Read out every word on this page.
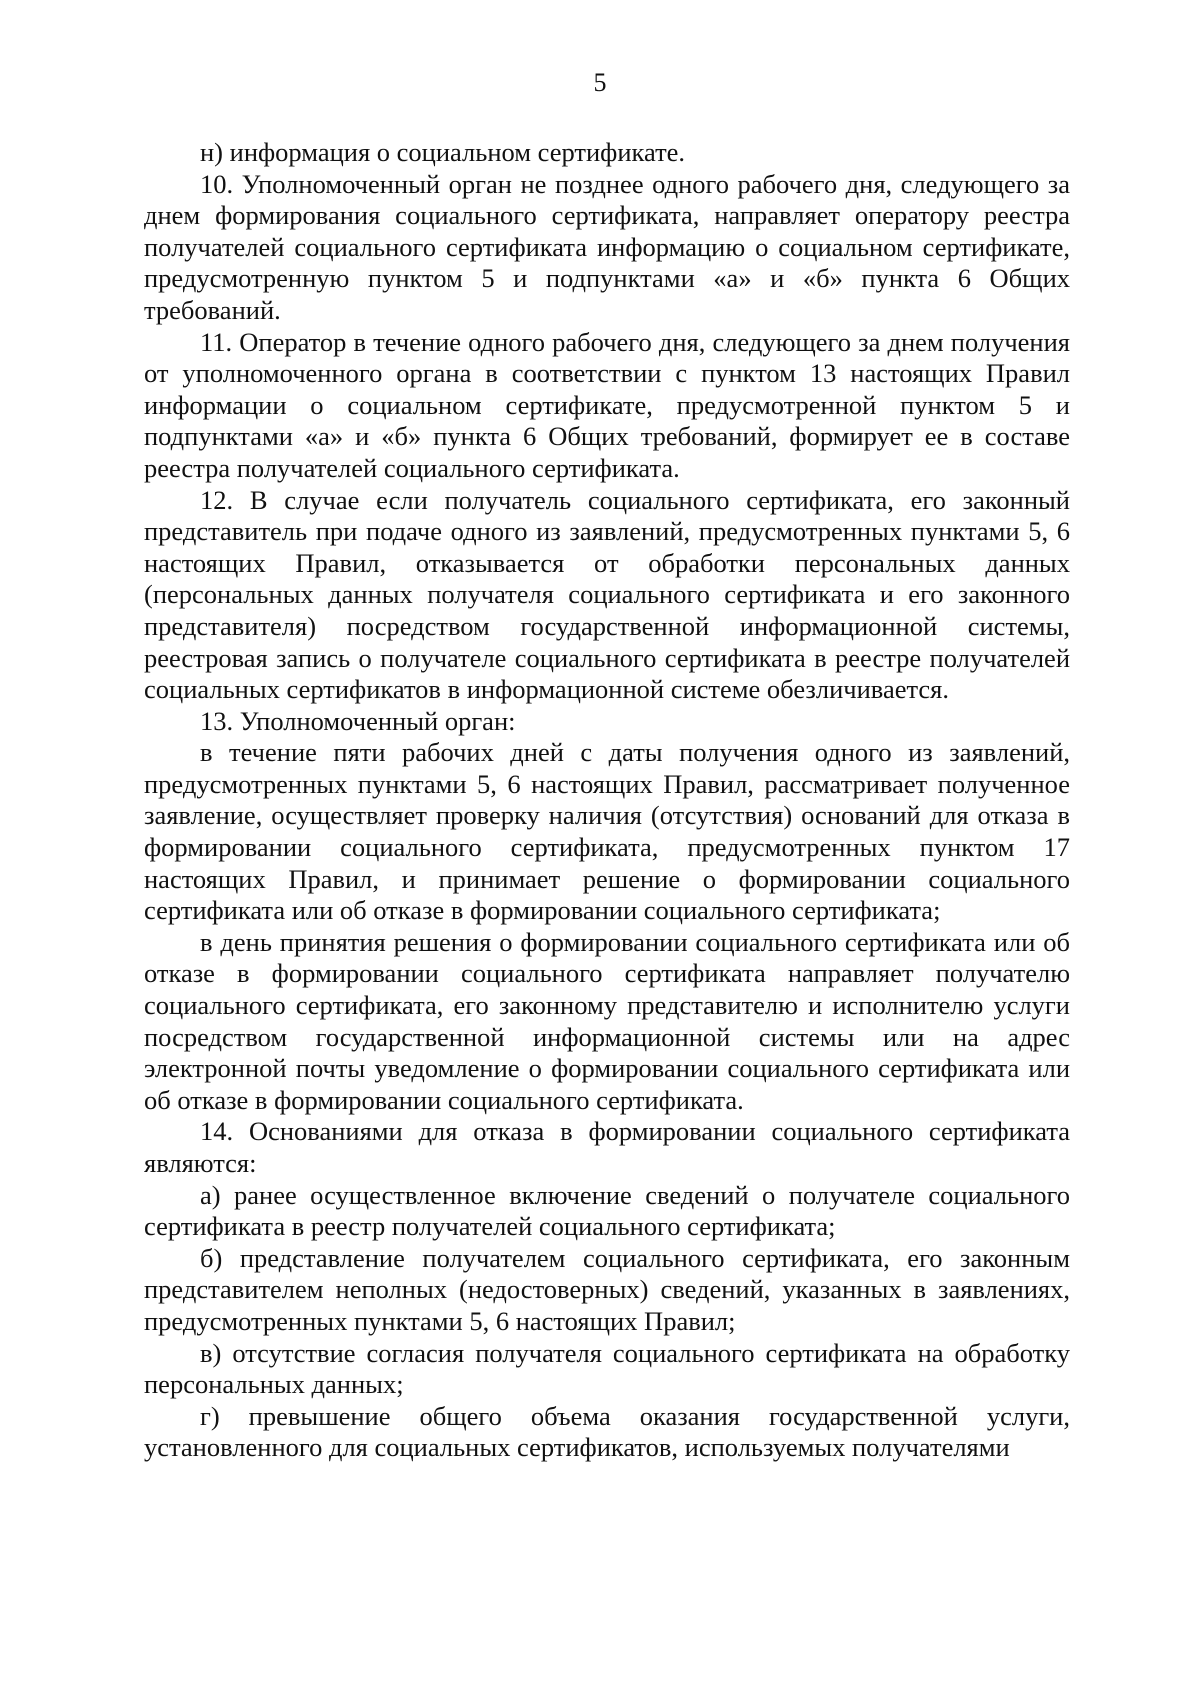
5

н) информация о социальном сертификате.

10. Уполномоченный орган не позднее одного рабочего дня, следующего за днем формирования социального сертификата, направляет оператору реестра получателей социального сертификата информацию о социальном сертификате, предусмотренную пунктом 5 и подпунктами «а» и «б» пункта 6 Общих требований.

11. Оператор в течение одного рабочего дня, следующего за днем получения от уполномоченного органа в соответствии с пунктом 13 настоящих Правил информации о социальном сертификате, предусмотренной пунктом 5 и подпунктами «а» и «б» пункта 6 Общих требований, формирует ее в составе реестра получателей социального сертификата.

12. В случае если получатель социального сертификата, его законный представитель при подаче одного из заявлений, предусмотренных пунктами 5, 6 настоящих Правил, отказывается от обработки персональных данных (персональных данных получателя социального сертификата и его законного представителя) посредством государственной информационной системы, реестровая запись о получателе социального сертификата в реестре получателей социальных сертификатов в информационной системе обезличивается.

13. Уполномоченный орган:

в течение пяти рабочих дней с даты получения одного из заявлений, предусмотренных пунктами 5, 6 настоящих Правил, рассматривает полученное заявление, осуществляет проверку наличия (отсутствия) оснований для отказа в формировании социального сертификата, предусмотренных пунктом 17 настоящих Правил, и принимает решение о формировании социального сертификата или об отказе в формировании социального сертификата;

в день принятия решения о формировании социального сертификата или об отказе в формировании социального сертификата направляет получателю социального сертификата, его законному представителю и исполнителю услуги посредством государственной информационной системы или на адрес электронной почты уведомление о формировании социального сертификата или об отказе в формировании социального сертификата.

14. Основаниями для отказа в формировании социального сертификата являются:

а) ранее осуществленное включение сведений о получателе социального сертификата в реестр получателей социального сертификата;

б) представление получателем социального сертификата, его законным представителем неполных (недостоверных) сведений, указанных в заявлениях, предусмотренных пунктами 5, 6 настоящих Правил;

в) отсутствие согласия получателя социального сертификата на обработку персональных данных;

г) превышение общего объема оказания государственной услуги, установленного для социальных сертификатов, используемых получателями
